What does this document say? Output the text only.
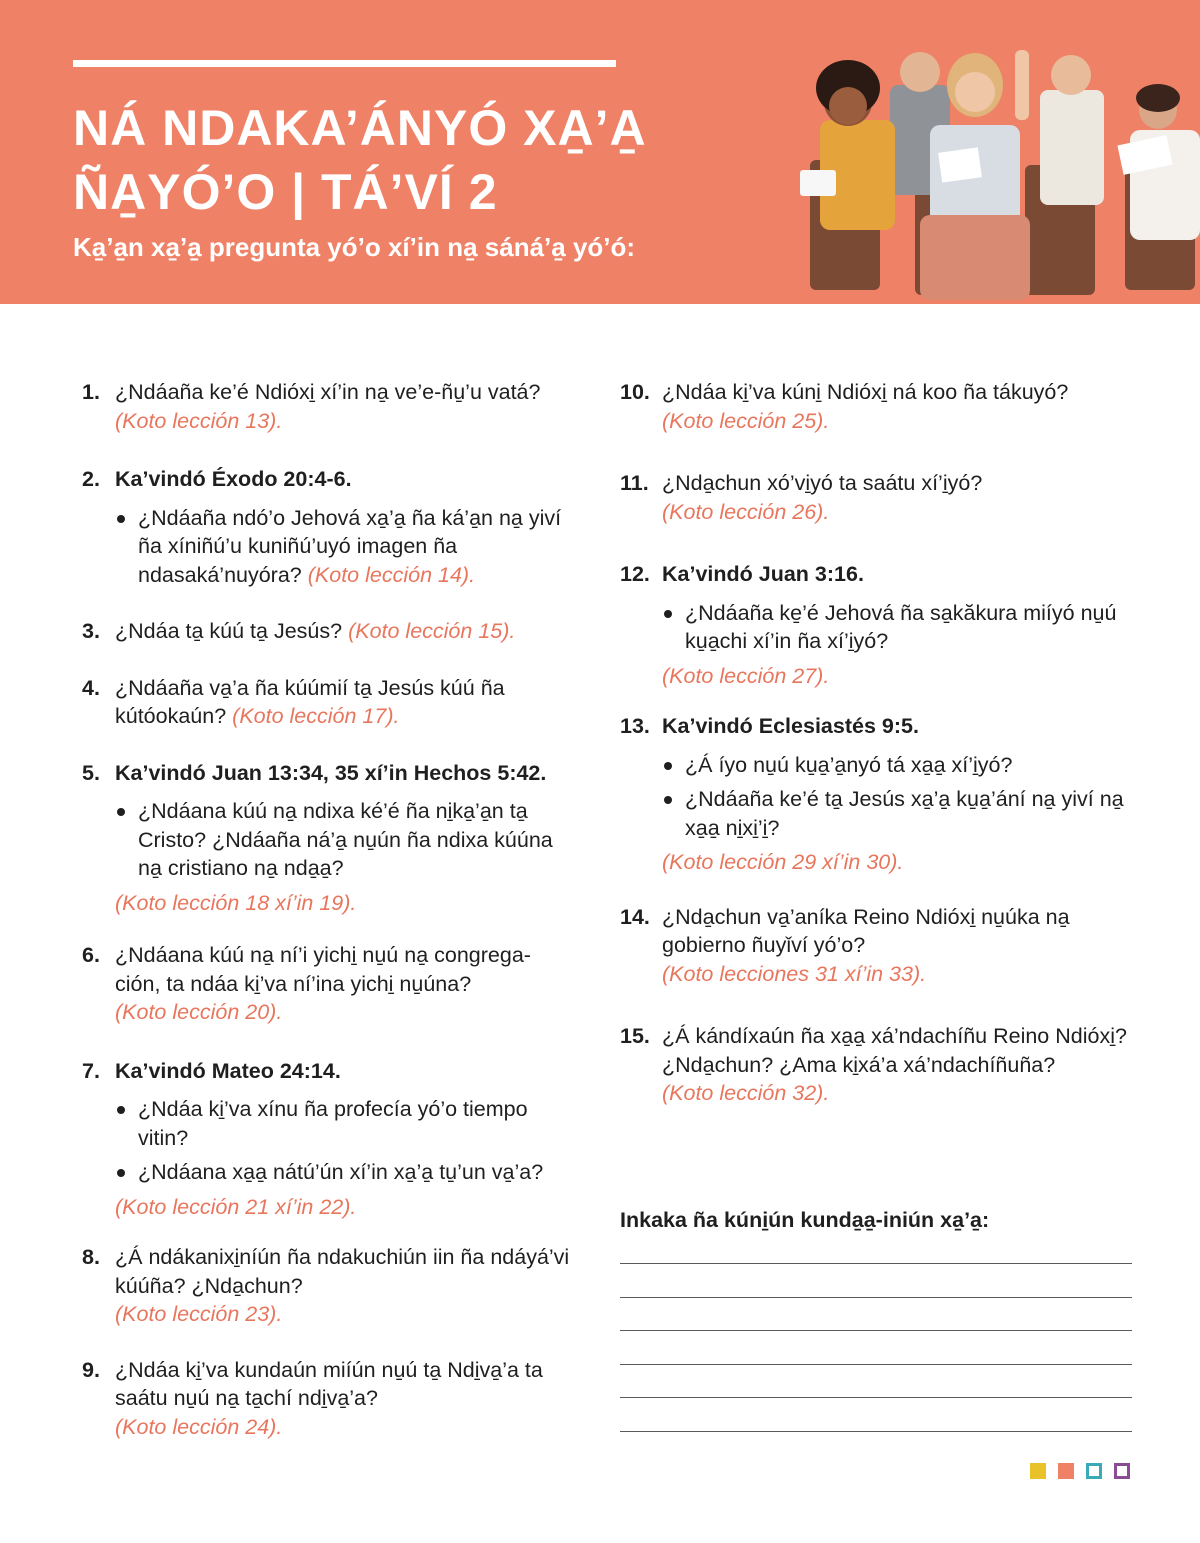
NÁ NDAKA’ÁNYÓ XA̱’A̱
ÑA̱YÓ’O | TÁ’VÍ 2

Ka̱’a̱n xa̱’a̱ pregunta yó’o xí’in na̱ sáná’a̱ yó’ó:

1. ¿Ndáaña ke’é Ndióxi̱ xí’in na̱ ve’e-ñu̱’u vatá?
(Koto lección 13).
2. Ka’vindó Éxodo 20:4-6.
¿Ndáaña ndó’o Jehová xa̱’a̱ ña ká’a̱n na̱ yiví ña xíniñú’u kuniñú’uyó imagen ña ndasaká’nuyóra? (Koto lección 14).
3. ¿Ndáa ta̱ kúú ta̱ Jesús? (Koto lección 15).
4. ¿Ndáaña va̱’a ña kúúmií ta̱ Jesús kúú ña kútóokaún? (Koto lección 17).
5. Ka’vindó Juan 13:34, 35 xí’in Hechos 5:42.
¿Ndáana kúú na̱ ndixa ké’é ña ni̱ka̱’a̱n ta̱ Cristo? ¿Ndáaña ná’a̱ nu̱ún ña ndixa kúúna na̱ cristiano na̱ nda̱a̱?
(Koto lección 18 xí’in 19).
6. ¿Ndáana kúú na̱ ní’i yichi̱ nu̱ú na̱ congrega-ción, ta ndáa ki̱’va ní’ina yichi̱ nu̱úna?
(Koto lección 20).
7. Ka’vindó Mateo 24:14.
¿Ndáa ki̱’va xínu ña profecía yó’o tiempo vitin?
¿Ndáana xa̱a̱ nátú’ún xí’in xa̱’a̱ tu̱’un va̱’a?
(Koto lección 21 xí’in 22).
8. ¿Á ndákanixi̱níún ña ndakuchiún iin ña ndáyá’vi kúúña? ¿Nda̱chun?
(Koto lección 23).
9. ¿Ndáa ki̱’va kundaún miíún nu̱ú ta̱ Ndi̱va̱’a ta saátu nu̱ú na̱ ta̱chí ndi̱va̱’a?
(Koto lección 24).
10. ¿Ndáa ki̱’va kúni̱ Ndióxi̱ ná koo ña tákuyó?
(Koto lección 25).
11. ¿Nda̱chun xó’vi̱yó ta saátu xí’i̱yó?
(Koto lección 26).
12. Ka’vindó Juan 3:16.
¿Ndáaña ke̱’é Jehová ña sa̱kăkura miíyó nu̱ú ku̱a̱chi xí’in ña xí’i̱yó?
(Koto lección 27).
13. Ka’vindó Eclesiastés 9:5.
¿Á íyo nu̱ú ku̱a̱’a̱nyó tá xa̱a̱ xí’i̱yó?
¿Ndáaña ke’é ta̱ Jesús xa̱’a̱ ku̱a̱’ání na̱ yiví na̱ xa̱a̱ ni̱xi̱’i̱?
(Koto lección 29 xí’in 30).
14. ¿Nda̱chun va̱’aníka Reino Ndióxi̱ nu̱úka na̱ gobierno ñuyǐví yó’o?
(Koto lecciones 31 xí’in 33).
15. ¿Á kándíxaún ña xa̱a̱ xá’ndachíñu Reino Ndióxi̱? ¿Nda̱chun? ¿Ama ki̱xá’a xá’ndachíñuña?
(Koto lección 32).
Inkaka ña kúni̱ún kunda̱a̱-iniún xa̱’a̱:
